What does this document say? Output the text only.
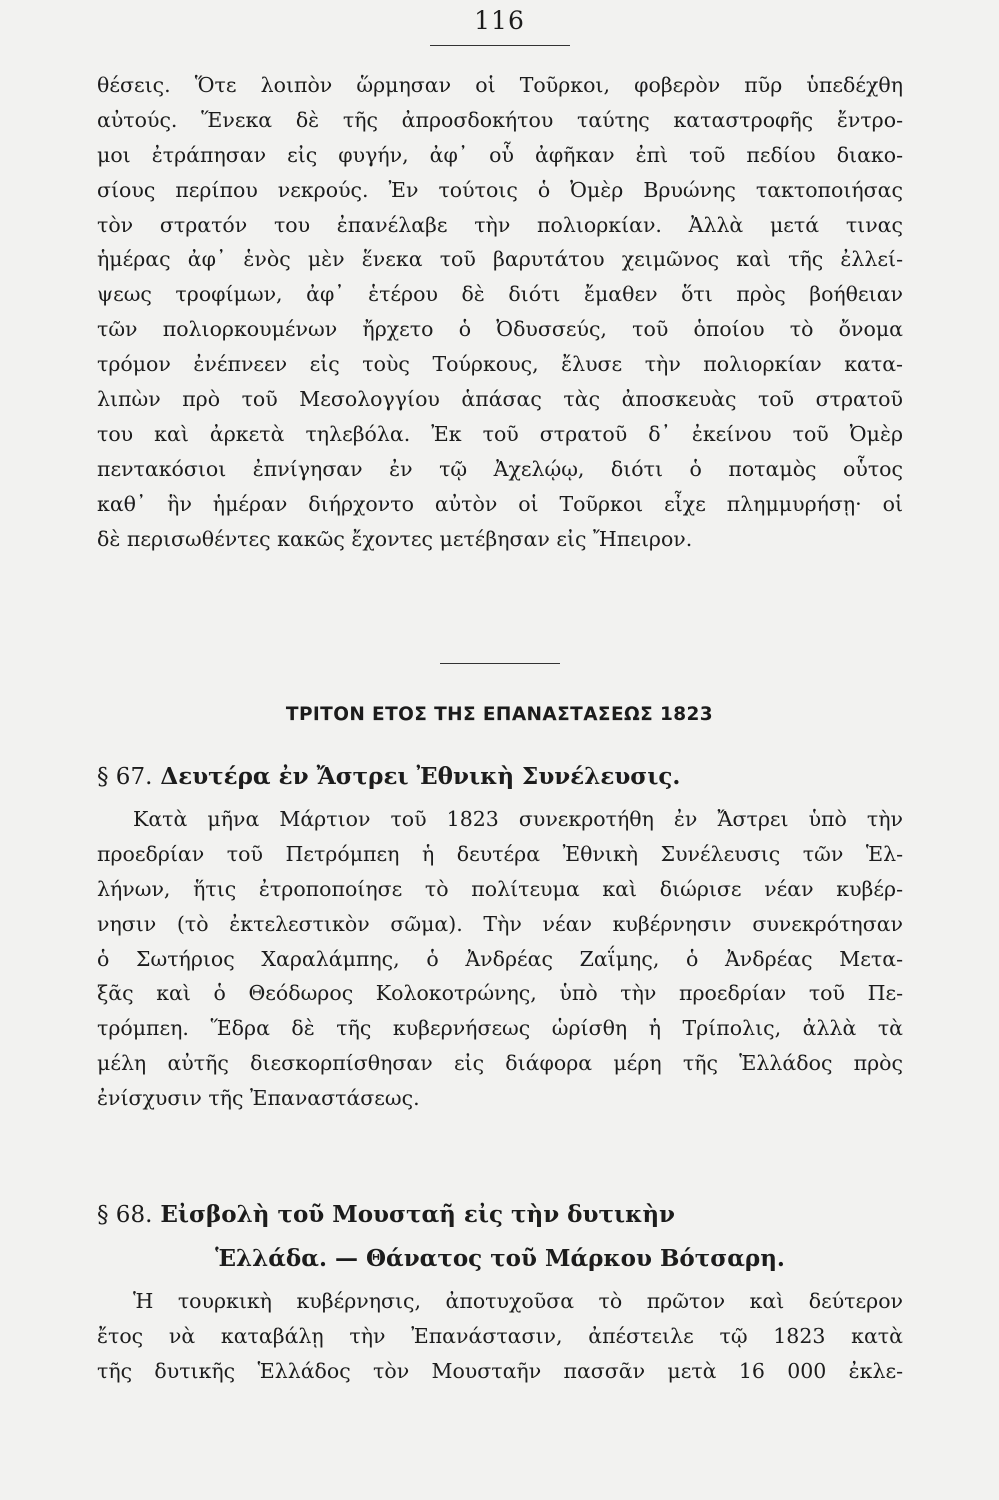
116
θέσεις. Ὅτε λοιπὸν ὥρμησαν οἱ Τοῦρκοι, φοβερὸν πῦρ ὑπεδέχθη
αὐτούς. Ἕνεκα δὲ τῆς ἀπροσδοκήτου ταύτης καταστροφῆς ἔντρο-
μοι ἐτράπησαν εἰς φυγήν, ἀφ᾽ οὗ ἀφῆκαν ἐπὶ τοῦ πεδίου διακο-
σίους περίπου νεκρούς. Ἐν τούτοις ὁ Ὀμὲρ Βρυώνης τακτοποιήσας
τὸν στρατόν του ἐπανέλαβε τὴν πολιορκίαν. Ἀλλὰ μετά τινας
ἡμέρας ἀφ᾽ ἑνὸς μὲν ἕνεκα τοῦ βαρυτάτου χειμῶνος καὶ τῆς ἐλλεί-
ψεως τροφίμων, ἀφ᾽ ἑτέρου δὲ διότι ἔμαθεν ὅτι πρὸς βοήθειαν
τῶν πολιορκουμένων ἤρχετο ὁ Ὀδυσσεύς, τοῦ ὁποίου τὸ ὄνομα
τρόμον ἐνέπνεεν εἰς τοὺς Τούρκους, ἔλυσε τὴν πολιορκίαν κατα-
λιπὼν πρὸ τοῦ Μεσολογγίου ἁπάσας τὰς ἀποσκευὰς τοῦ στρατοῦ
του καὶ ἀρκετὰ τηλεβόλα. Ἐκ τοῦ στρατοῦ δ᾽ ἐκείνου τοῦ Ὀμὲρ
πεντακόσιοι ἐπνίγησαν ἐν τῷ Ἀχελῴῳ, διότι ὁ ποταμὸς οὗτος
καθ᾽ ἣν ἡμέραν διήρχοντο αὐτὸν οἱ Τοῦρκοι εἶχε πλημμυρήσῃ· οἱ
δὲ περισωθέντες κακῶς ἔχοντες μετέβησαν εἰς Ἤπειρον.
ΤΡΙΤΟΝ ΕΤΟΣ ΤΗΣ ΕΠΑΝΑΣΤΑΣΕΩΣ 1823
§ 67. Δευτέρα ἐν Ἄστρει Ἐθνικὴ Συνέλευσις.
Κατὰ μῆνα Μάρτιον τοῦ 1823 συνεκροτήθη ἐν Ἄστρει ὑπὸ τὴν
προεδρίαν τοῦ Πετρόμπεη ἡ δευτέρα Ἐθνικὴ Συνέλευσις τῶν Ἑλ-
λήνων, ἥτις ἐτροποποίησε τὸ πολίτευμα καὶ διώρισε νέαν κυβέρ-
νησιν (τὸ ἐκτελεστικὸν σῶμα). Τὴν νέαν κυβέρνησιν συνεκρότησαν
ὁ Σωτήριος Χαραλάμπης, ὁ Ἀνδρέας Ζαΐμης, ὁ Ἀνδρέας Μετα-
ξᾶς καὶ ὁ Θεόδωρος Κολοκοτρώνης, ὑπὸ τὴν προεδρίαν τοῦ Πε-
τρόμπεη. Ἕδρα δὲ τῆς κυβερνήσεως ὡρίσθη ἡ Τρίπολις, ἀλλὰ τὰ
μέλη αὐτῆς διεσκορπίσθησαν εἰς διάφορα μέρη τῆς Ἑλλάδος πρὸς
ἐνίσχυσιν τῆς Ἐπαναστάσεως.
§ 68. Εἰσβολὴ τοῦ Μουσταῆ εἰς τὴν δυτικὴν
Ἑλλάδα. — Θάνατος τοῦ Μάρκου Βότσαρη.
Ἡ τουρκικὴ κυβέρνησις, ἀποτυχοῦσα τὸ πρῶτον καὶ δεύτερον
ἔτος νὰ καταβάλῃ τὴν Ἐπανάστασιν, ἀπέστειλε τῷ 1823 κατὰ
τῆς δυτικῆς Ἑλλάδος τὸν Μουσταῆν πασσᾶν μετὰ 16 000 ἐκλε-
